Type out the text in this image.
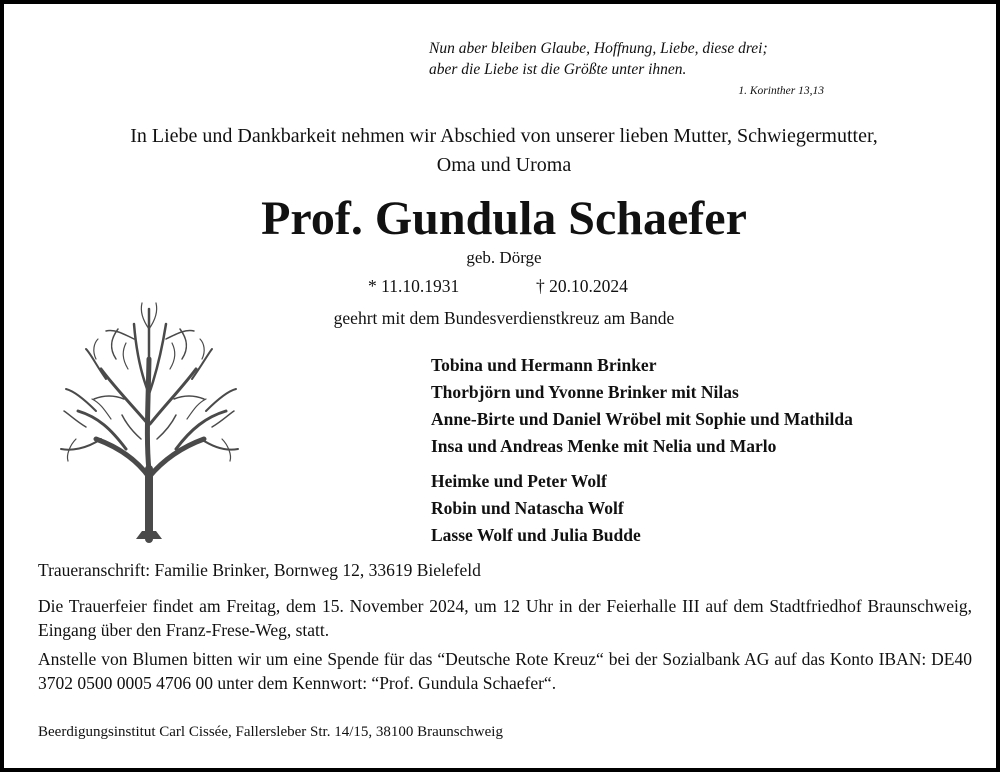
Nun aber bleiben Glaube, Hoffnung, Liebe, diese drei;
aber die Liebe ist die Größte unter ihnen.
1. Korinther 13,13
In Liebe und Dankbarkeit nehmen wir Abschied von unserer lieben Mutter, Schwiegermutter,
Oma und Uroma
Prof. Gundula Schaefer
geb. Dörge
* 11.10.1931	† 20.10.2024
geehrt mit dem Bundesverdienstkreuz am Bande
Tobina und Hermann Brinker
Thorbjörn und Yvonne Brinker mit Nilas
Anne-Birte und Daniel Wröbel mit Sophie und Mathilda
Insa und Andreas Menke mit Nelia und Marlo
Heimke und Peter Wolf
Robin und Natascha Wolf
Lasse Wolf und Julia Budde
Traueranschrift: Familie Brinker, Bornweg 12, 33619 Bielefeld
Die Trauerfeier findet am Freitag, dem 15. November 2024, um 12 Uhr in der Feierhalle III auf dem Stadtfriedhof Braunschweig, Eingang über den Franz-Frese-Weg, statt.
Anstelle von Blumen bitten wir um eine Spende für das “Deutsche Rote Kreuz“ bei der Sozialbank AG auf das Konto IBAN: DE40 3702 0500 0005 4706 00 unter dem Kennwort: “Prof. Gundula Schaefer“.
Beerdigungsinstitut Carl Cissée, Fallersleber Str. 14/15, 38100 Braunschweig
